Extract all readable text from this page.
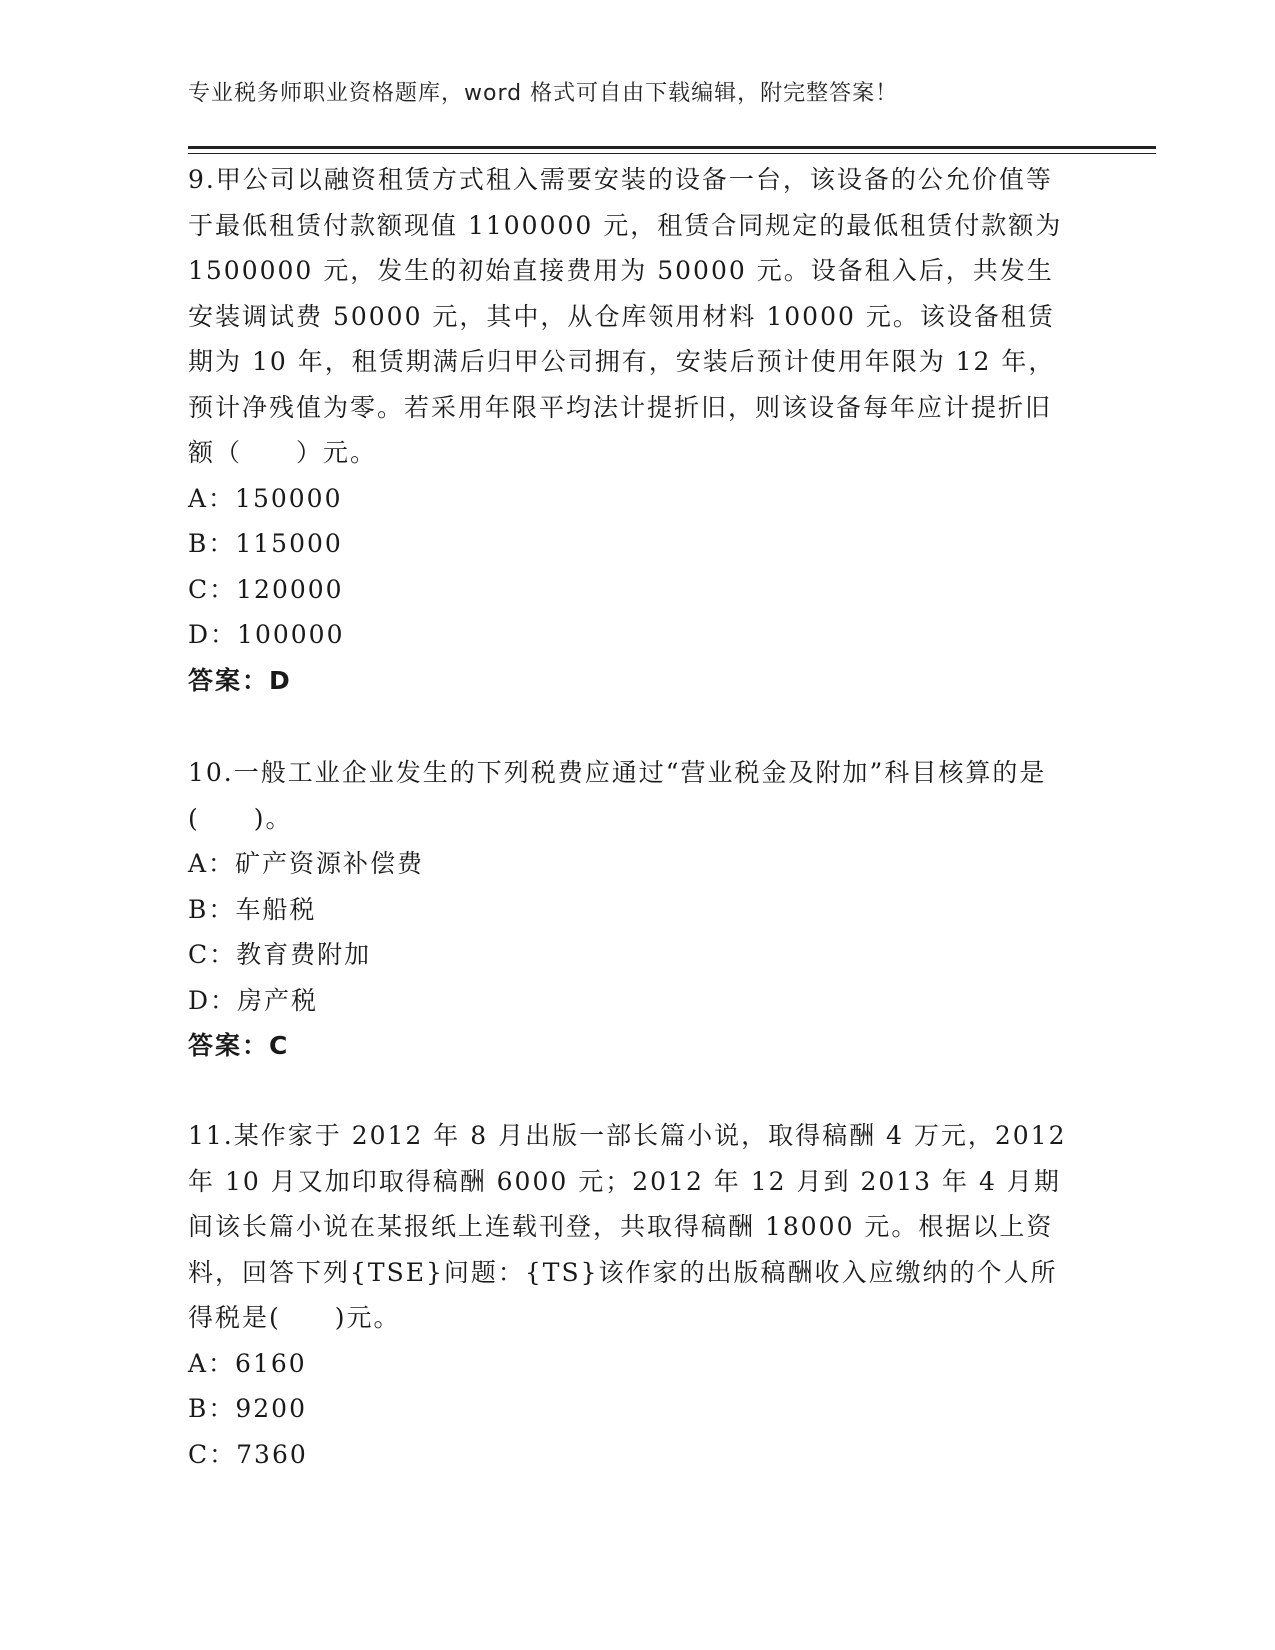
专业税务师职业资格题库，word 格式可自由下载编辑，附完整答案！

9.甲公司以融资租赁方式租入需要安装的设备一台，该设备的公允价值等于最低租赁付款额现值 1100000 元，租赁合同规定的最低租赁付款额为 1500000 元，发生的初始直接费用为 50000 元。设备租入后，共发生安装调试费 50000 元，其中，从仓库领用材料 10000 元。该设备租赁期为 10 年，租赁期满后归甲公司拥有，安装后预计使用年限为 12 年，预计净残值为零。若采用年限平均法计提折旧，则该设备每年应计提折旧额（　　）元。

A：150000

B：115000

C：120000

D：100000

答案：D

10.一般工业企业发生的下列税费应通过“营业税金及附加”科目核算的是(　　)。

A：矿产资源补偿费

B：车船税

C：教育费附加

D：房产税

答案：C

11.某作家于 2012 年 8 月出版一部长篇小说，取得稿酬 4 万元，2012 年 10 月又加印取得稿酬 6000 元；2012 年 12 月到 2013 年 4 月期间该长篇小说在某报纸上连载刊登，共取得稿酬 18000 元。根据以上资料，回答下列{TSE}问题：{TS}该作家的出版稿酬收入应缴纳的个人所得税是(　　)元。

A：6160

B：9200

C：7360
